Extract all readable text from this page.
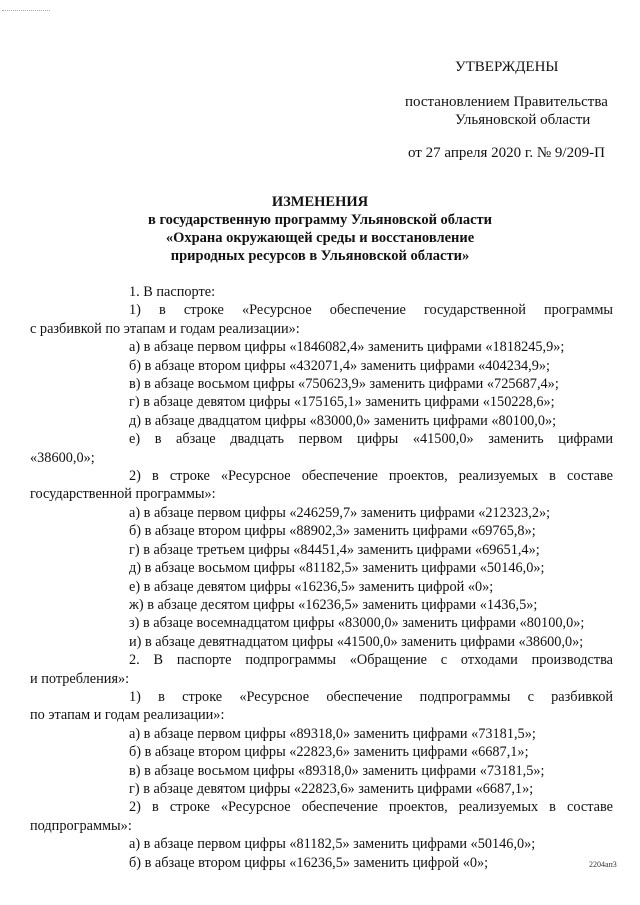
УТВЕРЖДЕНЫ
постановлением Правительства
Ульяновской области
от 27 апреля 2020 г. № 9/209-П
ИЗМЕНЕНИЯ
в государственную программу Ульяновской области
«Охрана окружающей среды и восстановление
природных ресурсов в Ульяновской области»

1. В паспорте:

1) в строке «Ресурсное обеспечение государственной программы

с разбивкой по этапам и годам реализации»:

а) в абзаце первом цифры «1846082,4» заменить цифрами «1818245,9»;

б) в абзаце втором цифры «432071,4» заменить цифрами «404234,9»;

в) в абзаце восьмом цифры «750623,9» заменить цифрами «725687,4»;

г) в абзаце девятом цифры «175165,1» заменить цифрами «150228,6»;

д) в абзаце двадцатом цифры «83000,0» заменить цифрами «80100,0»;

е) в абзаце двадцать первом цифры «41500,0» заменить цифрами

«38600,0»;

2) в строке «Ресурсное обеспечение проектов, реализуемых в составе

государственной программы»:

а) в абзаце первом цифры «246259,7» заменить цифрами «212323,2»;

б) в абзаце втором цифры «88902,3» заменить цифрами «69765,8»;

г) в абзаце третьем цифры «84451,4» заменить цифрами «69651,4»;

д) в абзаце восьмом цифры «81182,5» заменить цифрами «50146,0»;

е) в абзаце девятом цифры «16236,5» заменить цифрой «0»;

ж) в абзаце десятом цифры «16236,5» заменить цифрами «1436,5»;

з) в абзаце восемнадцатом цифры «83000,0» заменить цифрами «80100,0»;

и) в абзаце девятнадцатом цифры «41500,0» заменить цифрами «38600,0»;

2. В паспорте подпрограммы «Обращение с отходами производства

и потребления»:

1) в строке «Ресурсное обеспечение подпрограммы с разбивкой

по этапам и годам реализации»:

а) в абзаце первом цифры «89318,0» заменить цифрами «73181,5»;

б) в абзаце втором цифры «22823,6» заменить цифрами «6687,1»;

в) в абзаце восьмом цифры «89318,0» заменить цифрами «73181,5»;

г) в абзаце девятом цифры «22823,6» заменить цифрами «6687,1»;

2) в строке «Ресурсное обеспечение проектов, реализуемых в составе

подпрограммы»:

а) в абзаце первом цифры «81182,5» заменить цифрами «50146,0»;

б) в абзаце втором цифры «16236,5» заменить цифрой «0»;	2204ап3
